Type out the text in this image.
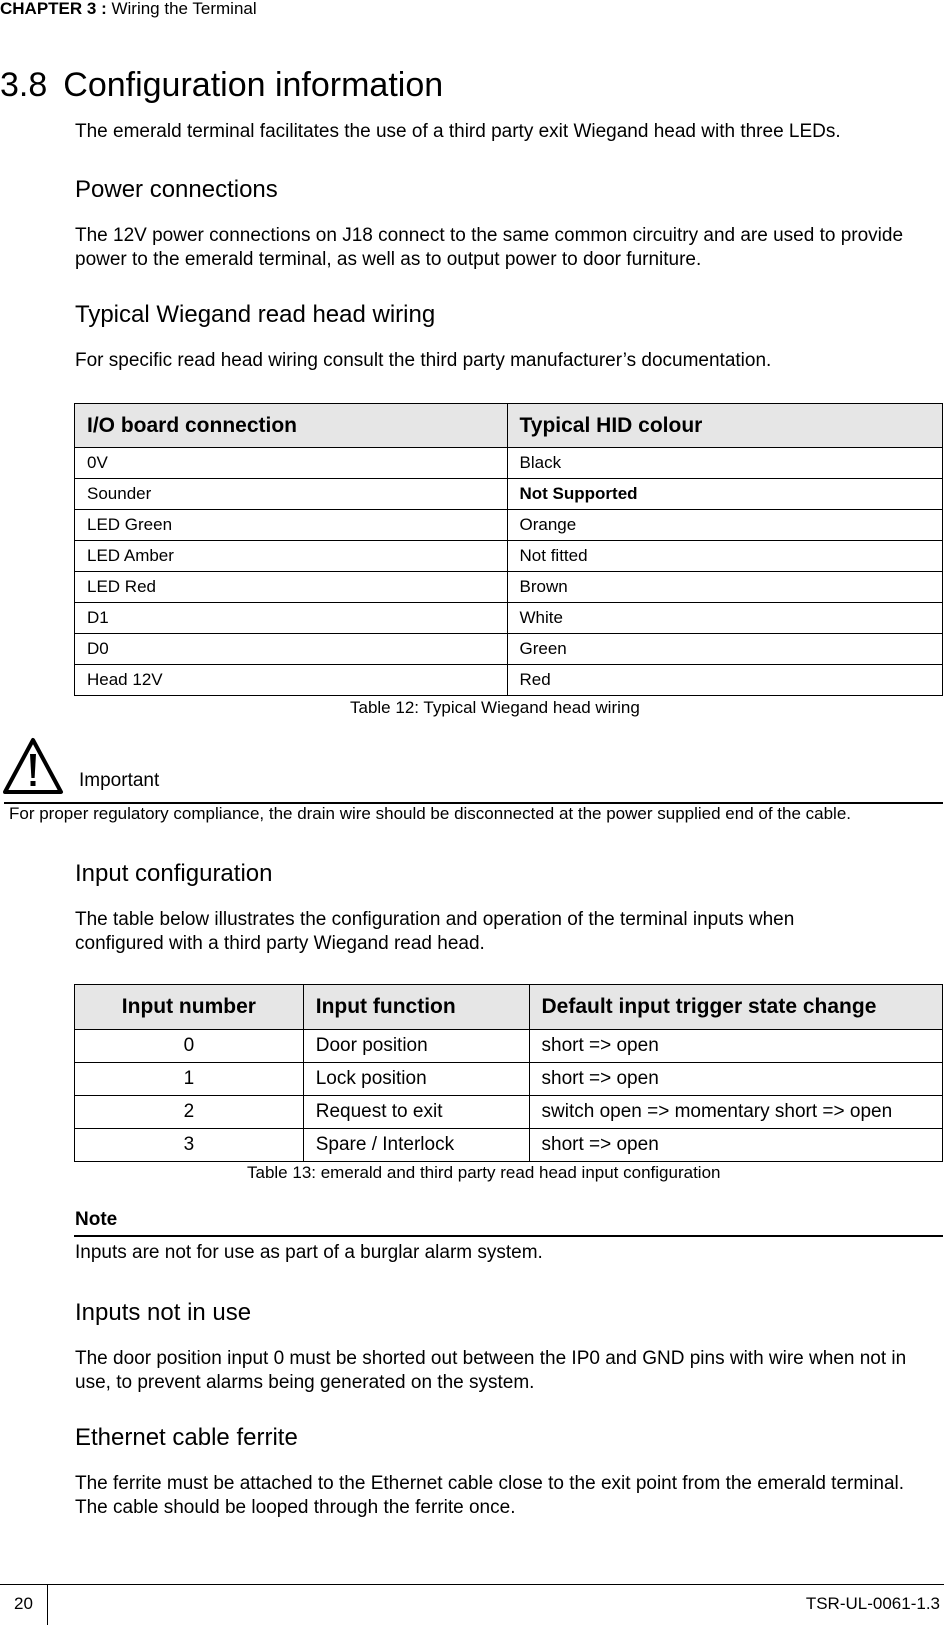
CHAPTER 3 : Wiring the Terminal
3.8 Configuration information
The emerald terminal facilitates the use of a third party exit Wiegand head with three LEDs.
Power connections
The 12V power connections on J18 connect to the same common circuitry and are used to provide power to the emerald terminal, as well as to output power to door furniture.
Typical Wiegand read head wiring
For specific read head wiring consult the third party manufacturer’s documentation.
I/O board connection	Typical HID colour
0V	Black
Sounder	Not Supported
LED Green	Orange
LED Amber	Not fitted
LED Red	Brown
D1	White
D0	Green
Head 12V	Red
Table 12: Typical Wiegand head wiring
Important
For proper regulatory compliance, the drain wire should be disconnected at the power supplied end of the cable.
Input configuration
The table below illustrates the configuration and operation of the terminal inputs when configured with a third party Wiegand read head.
Input number	Input function	Default input trigger state change
0	Door position	short => open
1	Lock position	short => open
2	Request to exit	switch open => momentary short => open
3	Spare / Interlock	short => open
Table 13: emerald and third party read head input configuration
Note
Inputs are not for use as part of a burglar alarm system.
Inputs not in use
The door position input 0 must be shorted out between the IP0 and GND pins with wire when not in use, to prevent alarms being generated on the system.
Ethernet cable ferrite
The ferrite must be attached to the Ethernet cable close to the exit point from the emerald terminal. The cable should be looped through the ferrite once.
20	TSR-UL-0061-1.3
